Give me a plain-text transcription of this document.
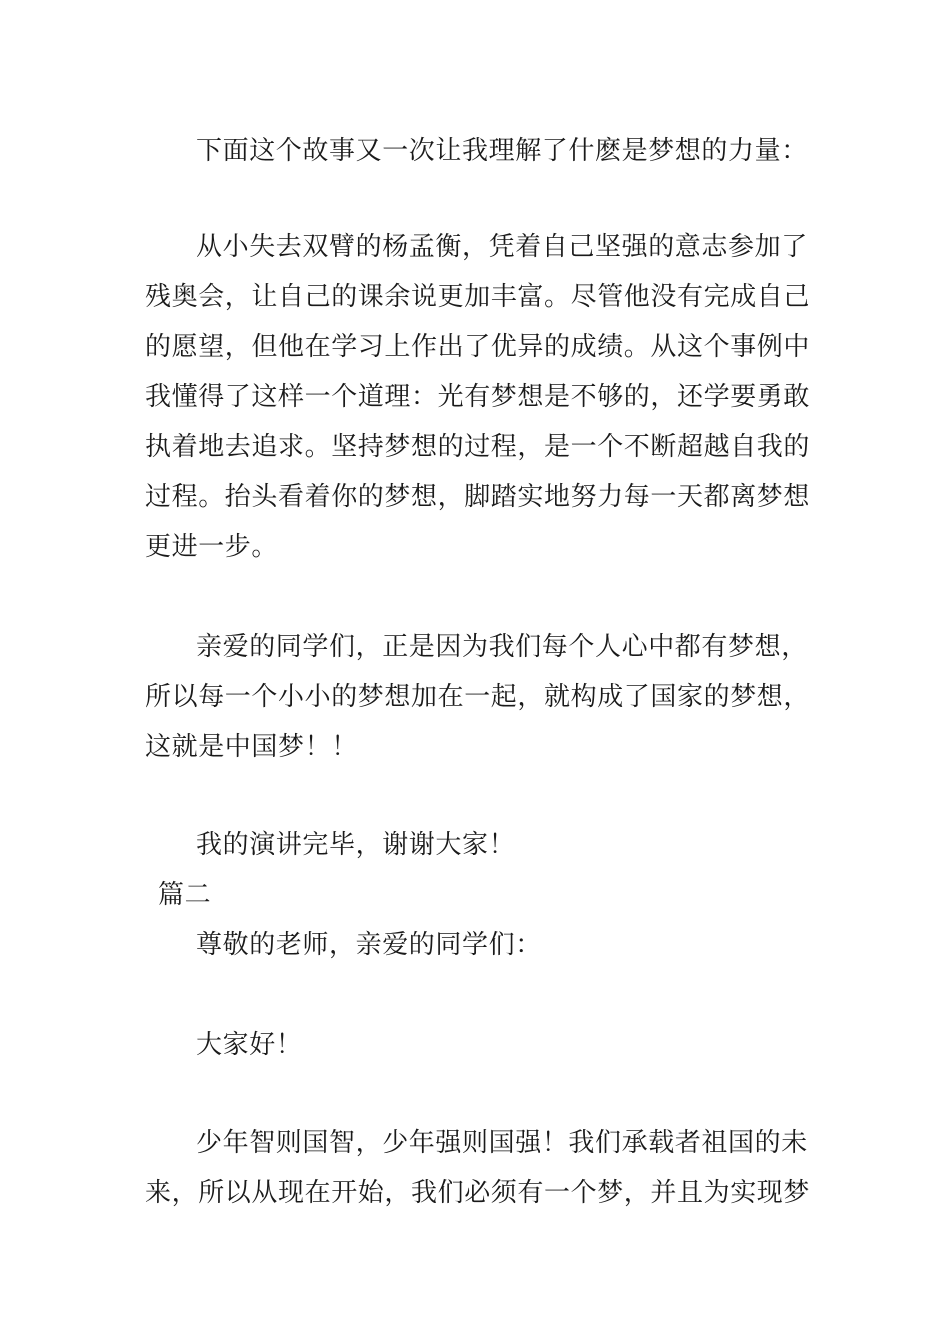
下面这个故事又一次让我理解了什麽是梦想的力量：
从小失去双臂的杨孟衡，凭着自己坚强的意志参加了
残奥会，让自己的课余说更加丰富。尽管他没有完成自己
的愿望，但他在学习上作出了优异的成绩。从这个事例中
我懂得了这样一个道理：光有梦想是不够的，还学要勇敢
执着地去追求。坚持梦想的过程，是一个不断超越自我的
过程。抬头看着你的梦想，脚踏实地努力每一天都离梦想
更进一步。
亲爱的同学们，正是因为我们每个人心中都有梦想，
所以每一个小小的梦想加在一起，就构成了国家的梦想，
这就是中国梦！！
我的演讲完毕，谢谢大家！
篇二
尊敬的老师，亲爱的同学们：
大家好！
少年智则国智，少年强则国强！我们承载者祖国的未
来，所以从现在开始，我们必须有一个梦，并且为实现梦
